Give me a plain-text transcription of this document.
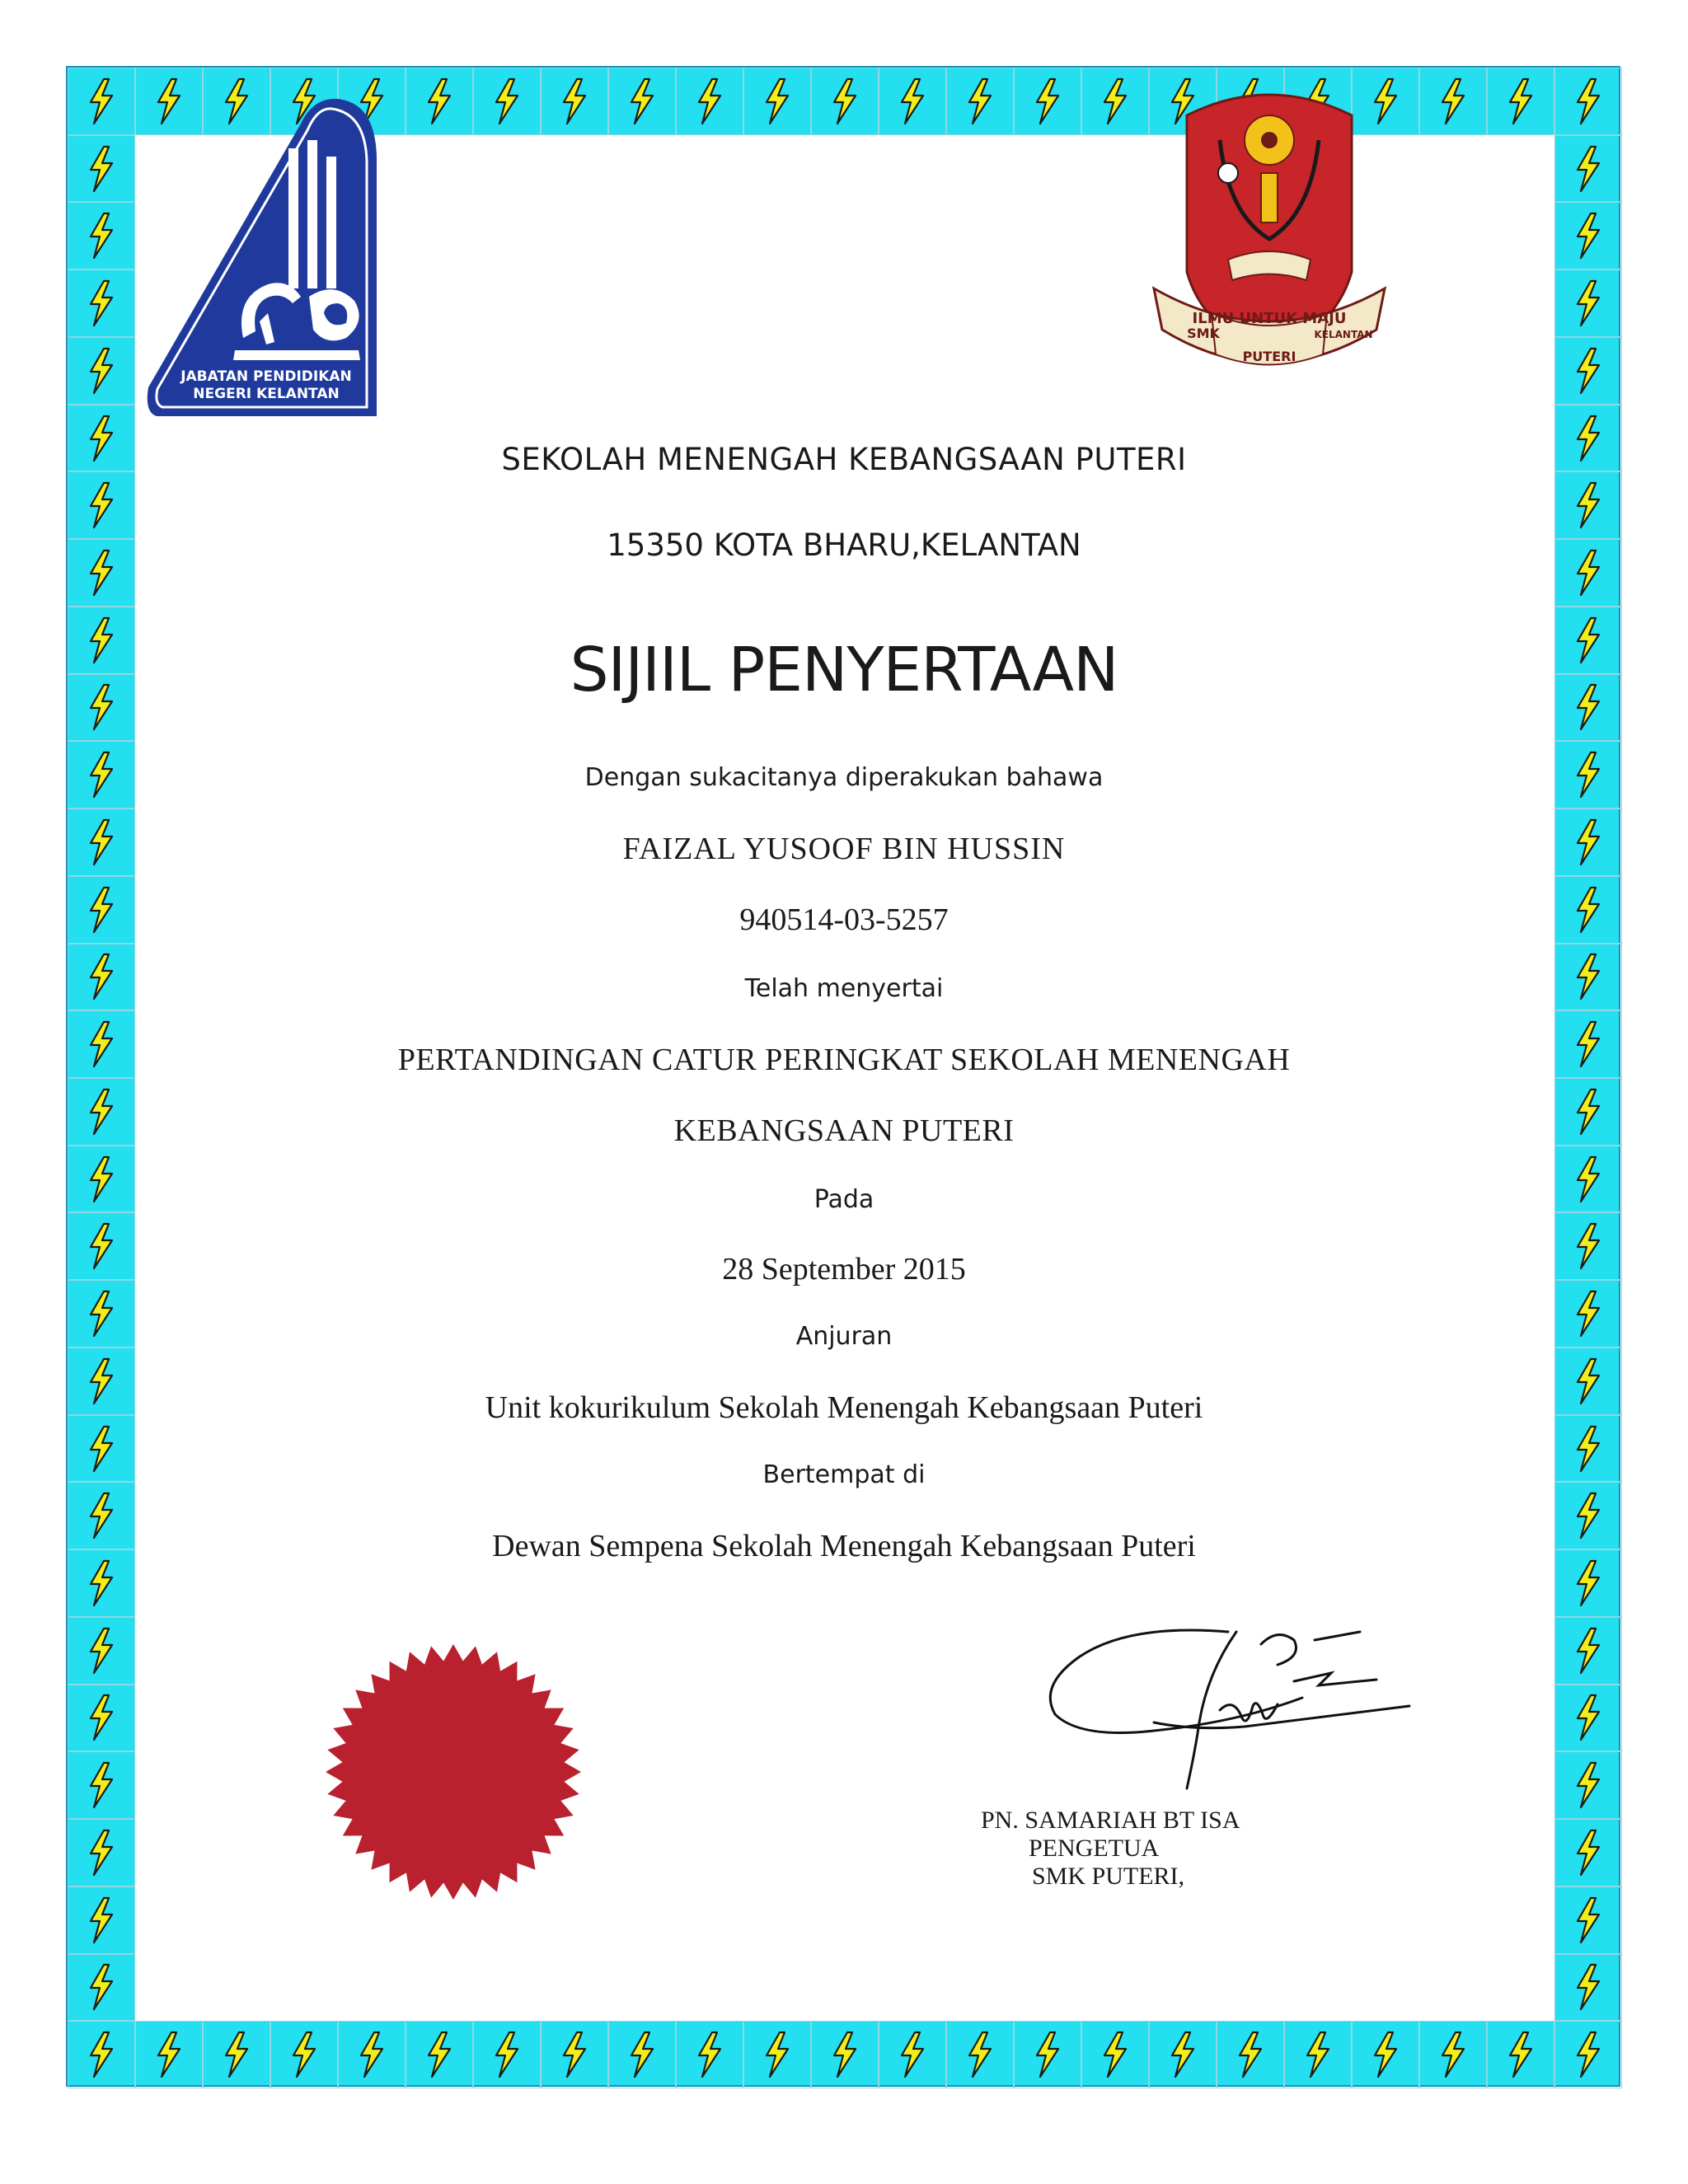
JABATAN PENDIDIKAN
NEGERI KELANTAN
ILMU UNTUK MAJU
SMK
PUTERI
KELANTAN
SEKOLAH MENENGAH KEBANGSAAN PUTERI
15350 KOTA BHARU,KELANTAN
SIJIIL PENYERTAAN
Dengan sukacitanya diperakukan bahawa
FAIZAL YUSOOF BIN HUSSIN
940514-03-5257
Telah menyertai
PERTANDINGAN CATUR PERINGKAT SEKOLAH MENENGAH
KEBANGSAAN PUTERI
Pada
28 September 2015
Anjuran
Unit kokurikulum Sekolah Menengah Kebangsaan Puteri
Bertempat di
Dewan Sempena Sekolah Menengah Kebangsaan Puteri
PN. SAMARIAH BT ISA
PENGETUA
SMK PUTERI,
